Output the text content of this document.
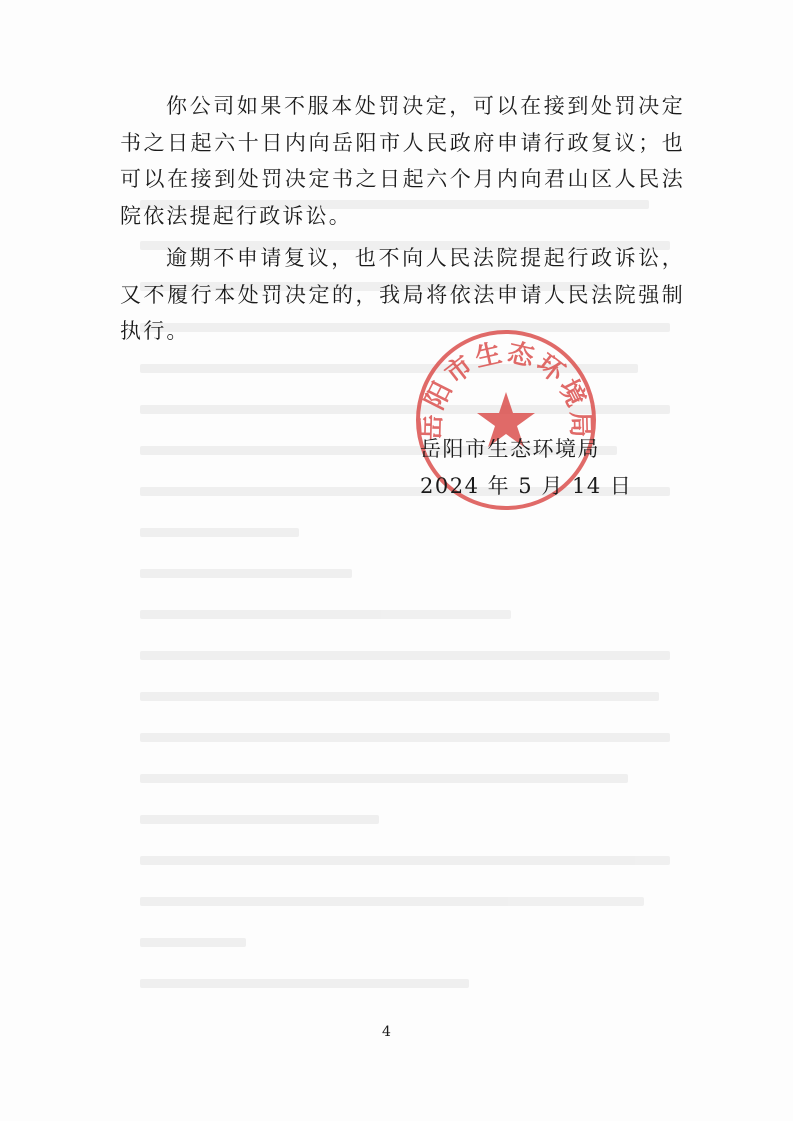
你公司如果不服本处罚决定，可以在接到处罚决定书之日起六十日内向岳阳市人民政府申请行政复议；也可以在接到处罚决定书之日起六个月内向君山区人民法院依法提起行政诉讼。

逾期不申请复议，也不向人民法院提起行政诉讼，又不履行本处罚决定的，我局将依法申请人民法院强制执行。

岳阳市生态环境局
岳阳市生态环境局
2024 年 5 月 14 日
4
